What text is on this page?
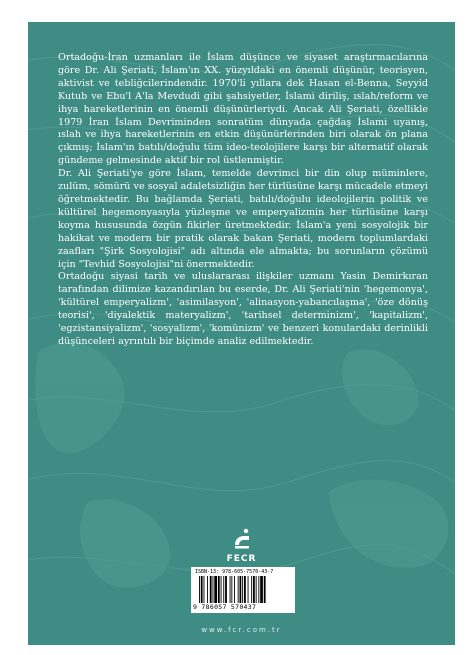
Ortadoğu-İran uzmanları ile İslam düşünce ve siyaset araştırmacılarına göre Dr. Ali Şeriati, İslam'ın XX. yüzyıldaki en önemli düşünür, teorisyen, aktivist ve tebliğcilerindendir. 1970'li yıllara dek Hasan el-Benna, Seyyid Kutub ve Ebu'l A'la Mevdudi gibi şahsiyetler, İslami diriliş, ıslah/reform ve ihya hareketlerinin en önemli düşünürleriydi. Ancak Ali Şeriati, özellikle 1979 İran İslam Devriminden sonratüm dünyada çağdaş İslami uyanış, ıslah ve ihya hareketlerinin en etkin düşünürlerinden biri olarak ön plana çıkmış; İslam'ın batılı/doğulu tüm ideo-teolojilere karşı bir alternatif olarak gündeme gelmesinde aktif bir rol üstlenmiştir.

Dr. Ali Şeriati'ye göre İslam, temelde devrimci bir din olup müminlere, zulüm, sömürü ve sosyal adaletsizliğin her türlüsüne karşı mücadele etmeyi öğretmektedir. Bu bağlamda Şeriati, batılı/doğulu ideolojilerin politik ve kültürel hegemonyasıyla yüzleşme ve emperyalizmin her türlüsüne karşı koyma hususunda özgün fikirler üretmektedir. İslam'a yeni sosyolojik bir hakikat ve modern bir pratik olarak bakan Şeriati, modern toplumlardaki zaafları "Şirk Sosyolojisi" adı altında ele almakta; bu sorunların çözümü için "Tevhid Sosyolojisi"ni önermektedir.

Ortadoğu siyasi tarih ve uluslararası ilişkiler uzmanı Yasin Demirkıran tarafından dilimize kazandırılan bu eserde, Dr. Ali Şeriati'nin 'hegemonya', 'kültürel emperyalizm', 'asimilasyon', 'alinasyon-yabancılaşma', 'öze dönüş teorisi', 'diyalektik materyalizm', 'tarihsel determinizm', 'kapitalizm', 'egzistansiyalizm', 'sosyalizm', 'komünizm' ve benzeri konulardaki derinlikli düşünceleri ayrıntılı bir biçimde analiz edilmektedir.

FECR
ISBN-13: 978-605-7570-43-7
9 786057 570437
www.fcr.com.tr
